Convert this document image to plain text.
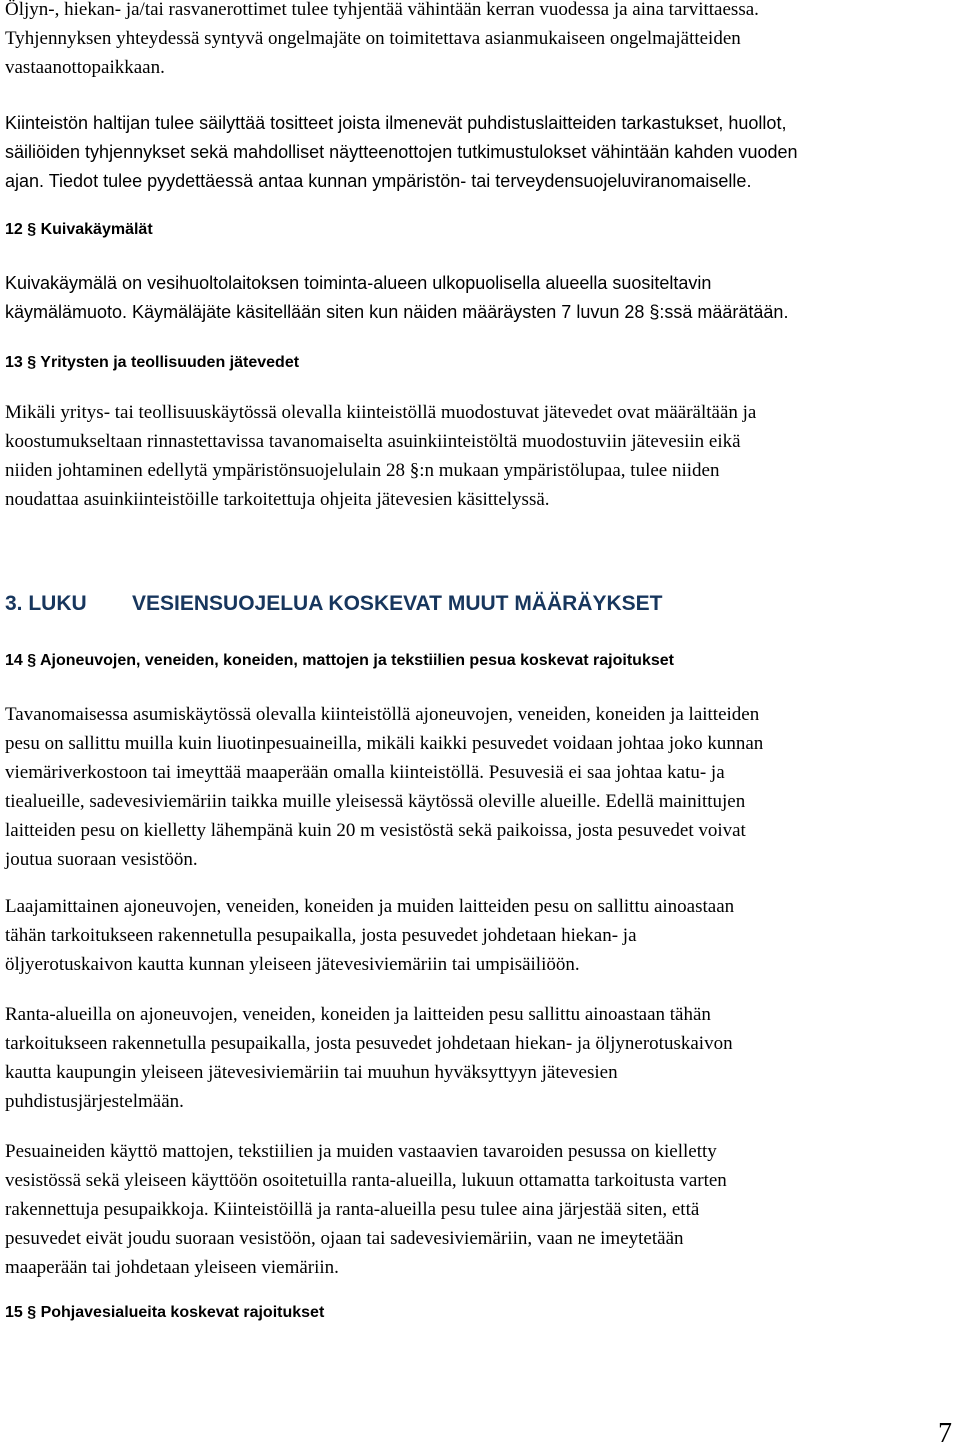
Öljyn-, hiekan- ja/tai rasvanerottimet tulee tyhjentää vähintään kerran vuodessa ja aina tarvittaessa.
Tyhjennyksen yhteydessä syntyvä ongelmajäte on toimitettava asianmukaiseen ongelmajätteiden
vastaanottopaikkaan.
Kiinteistön haltijan tulee säilyttää tositteet joista ilmenevät puhdistuslaitteiden tarkastukset, huollot,
säiliöiden tyhjennykset sekä mahdolliset näytteenottojen tutkimustulokset vähintään kahden vuoden
ajan. Tiedot tulee pyydettäessä antaa kunnan ympäristön- tai terveydensuojeluviranomaiselle.
12 § Kuivakäymälät
Kuivakäymälä on vesihuoltolaitoksen toiminta-alueen ulkopuolisella alueella suositeltavin
käymälämuoto. Käymäläjäte käsitellään siten kun näiden määräysten 7 luvun 28 §:ssä määrätään.
13 § Yritysten ja teollisuuden jätevedet
Mikäli yritys- tai teollisuuskäytössä olevalla kiinteistöllä muodostuvat jätevedet ovat määrältään ja
koostumukseltaan rinnastettavissa tavanomaiselta asuinkiinteistöltä muodostuviin jätevesiin eikä
niiden johtaminen edellytä ympäristönsuojelulain 28 §:n mukaan ympäristölupaa, tulee niiden
noudattaa asuinkiinteistöille tarkoitettuja ohjeita jätevesien käsittelyssä.
3. LUKU VESIENSUOJELUA KOSKEVAT MUUT MÄÄRÄYKSET
14 § Ajoneuvojen, veneiden, koneiden, mattojen ja tekstiilien pesua koskevat rajoitukset
Tavanomaisessa asumiskäytössä olevalla kiinteistöllä ajoneuvojen, veneiden, koneiden ja laitteiden
pesu on sallittu muilla kuin liuotinpesuaineilla, mikäli kaikki pesuvedet voidaan johtaa joko kunnan
viemäriverkostoon tai imeyttää maaperään omalla kiinteistöllä. Pesuvesiä ei saa johtaa katu- ja
tiealueille, sadevesiviemäriin taikka muille yleisessä käytössä oleville alueille. Edellä mainittujen
laitteiden pesu on kielletty lähempänä kuin 20 m vesistöstä sekä paikoissa, josta pesuvedet voivat
joutua suoraan vesistöön.
Laajamittainen ajoneuvojen, veneiden, koneiden ja muiden laitteiden pesu on sallittu ainoastaan
tähän tarkoitukseen rakennetulla pesupaikalla, josta pesuvedet johdetaan hiekan- ja
öljyerotuskaivon kautta kunnan yleiseen jätevesiviemäriin tai umpisäiliöön.
Ranta-alueilla on ajoneuvojen, veneiden, koneiden ja laitteiden pesu sallittu ainoastaan tähän
tarkoitukseen rakennetulla pesupaikalla, josta pesuvedet johdetaan hiekan- ja öljynerotuskaivon
kautta kaupungin yleiseen jätevesiviemäriin tai muuhun hyväksyttyyn jätevesien
puhdistusjärjestelmään.
Pesuaineiden käyttö mattojen, tekstiilien ja muiden vastaavien tavaroiden pesussa on kielletty
vesistössä sekä yleiseen käyttöön osoitetuilla ranta-alueilla, lukuun ottamatta tarkoitusta varten
rakennettuja pesupaikkoja. Kiinteistöillä ja ranta-alueilla pesu tulee aina järjestää siten, että
pesuvedet eivät joudu suoraan vesistöön, ojaan tai sadevesiviemäriin, vaan ne imeytetään
maaperään tai johdetaan yleiseen viemäriin.
15 § Pohjavesialueita koskevat rajoitukset
7
